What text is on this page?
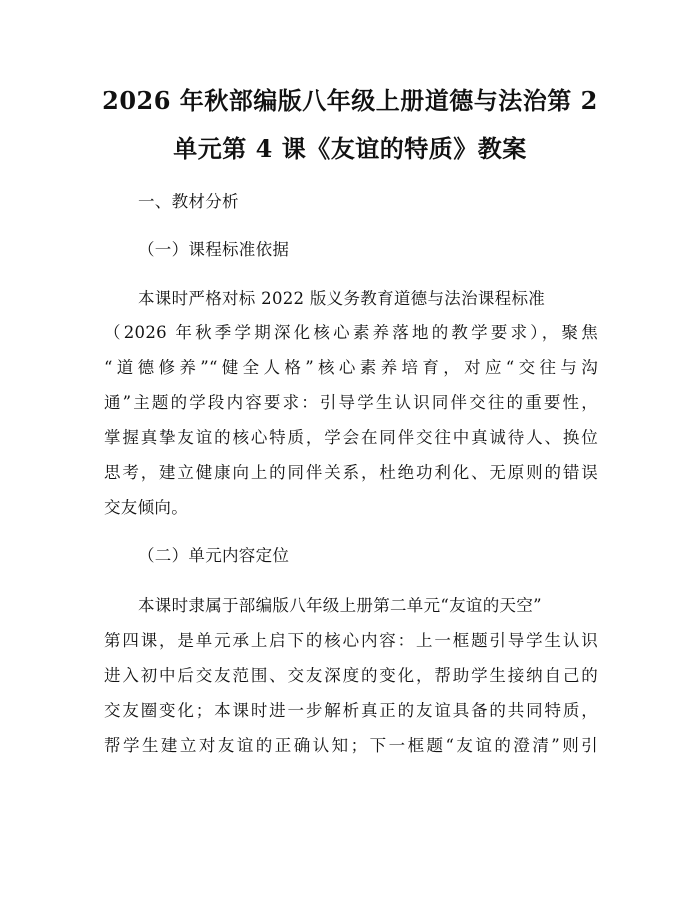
2026 年秋部编版八年级上册道德与法治第 2
单元第 4 课《友谊的特质》教案
一、教材分析
（一）课程标准依据
本课时严格对标 2022 版义务教育道德与法治课程标准
（2026 年秋季学期深化核心素养落地的教学要求），聚焦
“道德修养”“健全人格”核心素养培育，对应“交往与沟
通”主题的学段内容要求：引导学生认识同伴交往的重要性，
掌握真挚友谊的核心特质，学会在同伴交往中真诚待人、换位
思考，建立健康向上的同伴关系，杜绝功利化、无原则的错误
交友倾向。
（二）单元内容定位
本课时隶属于部编版八年级上册第二单元“友谊的天空”
第四课，是单元承上启下的核心内容：上一框题引导学生认识
进入初中后交友范围、交友深度的变化，帮助学生接纳自己的
交友圈变化；本课时进一步解析真正的友谊具备的共同特质，
帮学生建立对友谊的正确认知；下一框题“友谊的澄清”则引
